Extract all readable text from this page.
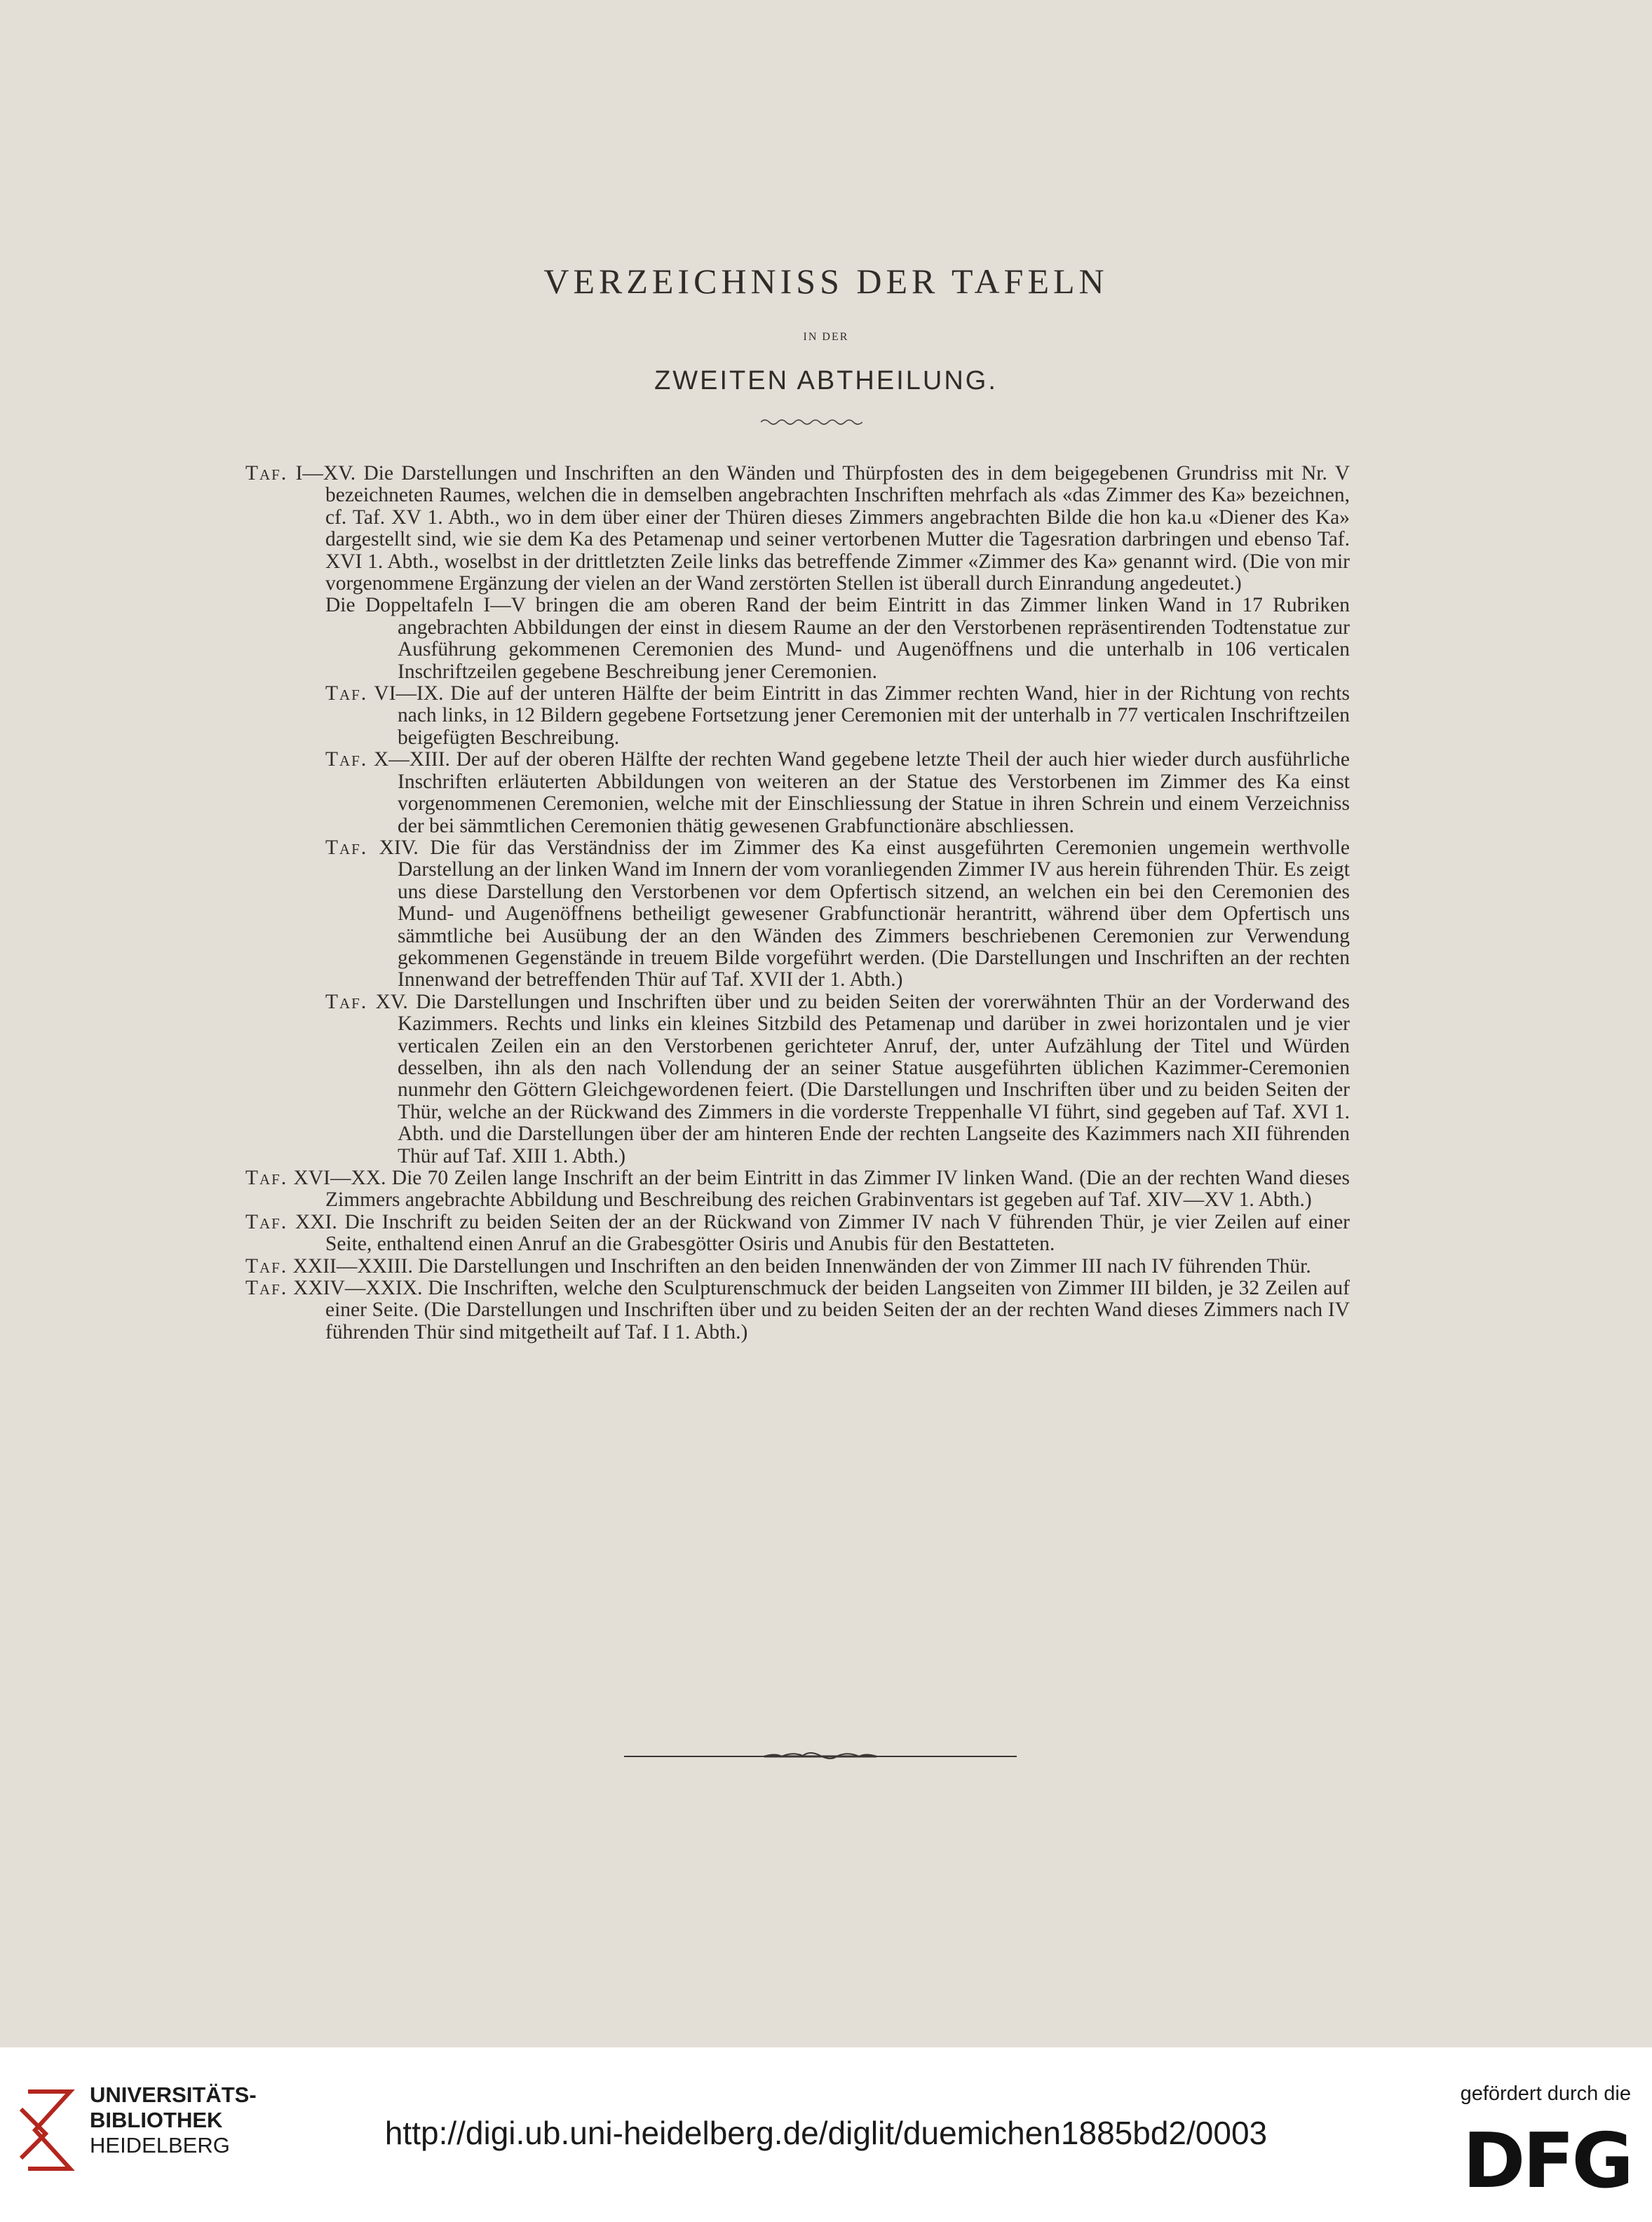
VERZEICHNISS DER TAFELN
IN DER
ZWEITEN ABTHEILUNG.

Taf. I—XV. Die Darstellungen und Inschriften an den Wänden und Thürpfosten des in dem beigegebenen Grundriss mit Nr. V bezeichneten Raumes, welchen die in demselben angebrachten Inschriften mehrfach als «das Zimmer des Ka» bezeichnen, cf. Taf. XV 1. Abth., wo in dem über einer der Thüren dieses Zimmers angebrachten Bilde die hon ka.u «Diener des Ka» dargestellt sind, wie sie dem Ka des Petamenap und seiner vertorbenen Mutter die Tagesration darbringen und ebenso Taf. XVI 1. Abth., woselbst in der drittletzten Zeile links das betreffende Zimmer «Zimmer des Ka» genannt wird. (Die von mir vorgenommene Ergänzung der vielen an der Wand zerstörten Stellen ist überall durch Einrandung angedeutet.)

Die Doppeltafeln I—V bringen die am oberen Rand der beim Eintritt in das Zimmer linken Wand in 17 Rubriken angebrachten Abbildungen der einst in diesem Raume an der den Verstorbenen repräsentirenden Todtenstatue zur Ausführung gekommenen Ceremonien des Mund- und Augenöffnens und die unterhalb in 106 verticalen Inschriftzeilen gegebene Beschreibung jener Ceremonien.

Taf. VI—IX. Die auf der unteren Hälfte der beim Eintritt in das Zimmer rechten Wand, hier in der Richtung von rechts nach links, in 12 Bildern gegebene Fortsetzung jener Ceremonien mit der unterhalb in 77 verticalen Inschriftzeilen beigefügten Beschreibung.

Taf. X—XIII. Der auf der oberen Hälfte der rechten Wand gegebene letzte Theil der auch hier wieder durch ausführliche Inschriften erläuterten Abbildungen von weiteren an der Statue des Verstorbenen im Zimmer des Ka einst vorgenommenen Ceremonien, welche mit der Einschliessung der Statue in ihren Schrein und einem Verzeichniss der bei sämmtlichen Ceremonien thätig gewesenen Grabfunctionäre abschliessen.

Taf. XIV. Die für das Verständniss der im Zimmer des Ka einst ausgeführten Ceremonien ungemein werthvolle Darstellung an der linken Wand im Innern der vom voranliegenden Zimmer IV aus herein führenden Thür. Es zeigt uns diese Darstellung den Verstorbenen vor dem Opfertisch sitzend, an welchen ein bei den Ceremonien des Mund- und Augenöffnens betheiligt gewesener Grabfunctionär herantritt, während über dem Opfertisch uns sämmtliche bei Ausübung der an den Wänden des Zimmers beschriebenen Ceremonien zur Verwendung gekommenen Gegenstände in treuem Bilde vorgeführt werden. (Die Darstellungen und Inschriften an der rechten Innenwand der betreffenden Thür auf Taf. XVII der 1. Abth.)

Taf. XV. Die Darstellungen und Inschriften über und zu beiden Seiten der vorerwähnten Thür an der Vorderwand des Kazimmers. Rechts und links ein kleines Sitzbild des Petamenap und darüber in zwei horizontalen und je vier verticalen Zeilen ein an den Verstorbenen gerichteter Anruf, der, unter Aufzählung der Titel und Würden desselben, ihn als den nach Vollendung der an seiner Statue ausgeführten üblichen Kazimmer-Ceremonien nunmehr den Göttern Gleichgewordenen feiert. (Die Darstellungen und Inschriften über und zu beiden Seiten der Thür, welche an der Rückwand des Zimmers in die vorderste Treppenhalle VI führt, sind gegeben auf Taf. XVI 1. Abth. und die Darstellungen über der am hinteren Ende der rechten Langseite des Kazimmers nach XII führenden Thür auf Taf. XIII 1. Abth.)

Taf. XVI—XX. Die 70 Zeilen lange Inschrift an der beim Eintritt in das Zimmer IV linken Wand. (Die an der rechten Wand dieses Zimmers angebrachte Abbildung und Beschreibung des reichen Grabinventars ist gegeben auf Taf. XIV—XV 1. Abth.)

Taf. XXI. Die Inschrift zu beiden Seiten der an der Rückwand von Zimmer IV nach V führenden Thür, je vier Zeilen auf einer Seite, enthaltend einen Anruf an die Grabesgötter Osiris und Anubis für den Bestatteten.

Taf. XXII—XXIII. Die Darstellungen und Inschriften an den beiden Innenwänden der von Zimmer III nach IV führenden Thür.

Taf. XXIV—XXIX. Die Inschriften, welche den Sculpturenschmuck der beiden Langseiten von Zimmer III bilden, je 32 Zeilen auf einer Seite. (Die Darstellungen und Inschriften über und zu beiden Seiten der an der rechten Wand dieses Zimmers nach IV führenden Thür sind mitgetheilt auf Taf. I 1. Abth.)

UNIVERSITÄTS-
BIBLIOTHEK
HEIDELBERG	http://digi.ub.uni-heidelberg.de/diglit/duemichen1885bd2/0003
gefördert durch die
DFG
